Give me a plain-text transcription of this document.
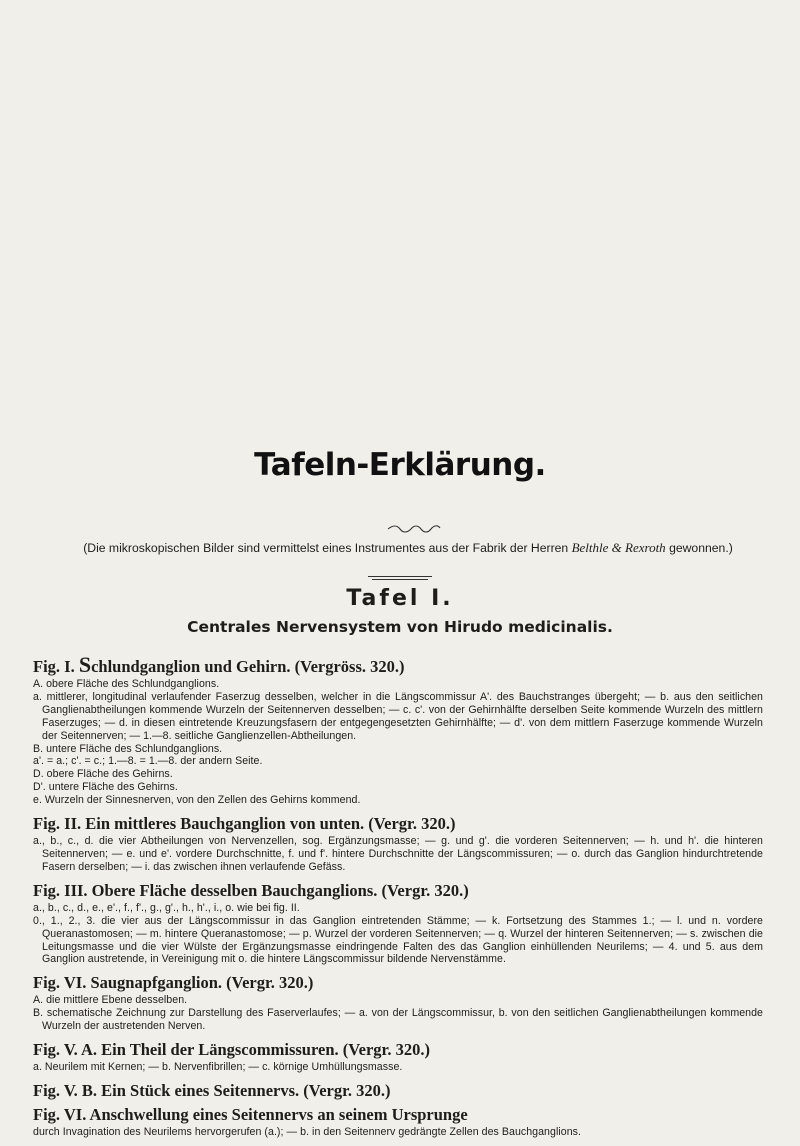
Tafeln-Erklärung.
(Die mikroskopischen Bilder sind vermittelst eines Instrumentes aus der Fabrik der Herren Belthle & Rexroth gewonnen.)
Tafel I.
Centrales Nervensystem von Hirudo medicinalis.
Fig. I. Schlundganglion und Gehirn. (Vergröss. 320.)

A. obere Fläche des Schlundganglions.

a. mittlerer, longitudinal verlaufender Faserzug desselben, welcher in die Längscommissur A'. des Bauchstranges übergeht; — b. aus den seitlichen Ganglienabtheilungen kommende Wurzeln der Seitennerven desselben; — c. c'. von der Gehirnhälfte derselben Seite kommende Wurzeln des mittlern Faserzuges; — d. in diesen eintretende Kreuzungsfasern der entgegengesetzten Gehirnhälfte; — d'. von dem mittlern Faserzuge kommende Wurzeln der Seitennerven; — 1.—8. seitliche Ganglienzellen-Abtheilungen.

B. untere Fläche des Schlundganglions.

a'. = a.; c'. = c.; 1.—8. = 1.—8. der andern Seite.

D. obere Fläche des Gehirns.

D'. untere Fläche des Gehirns.

e. Wurzeln der Sinnesnerven, von den Zellen des Gehirns kommend.

Fig. II. Ein mittleres Bauchganglion von unten. (Vergr. 320.)

a., b., c., d. die vier Abtheilungen von Nervenzellen, sog. Ergänzungsmasse; — g. und g'. die vorderen Seitennerven; — h. und h'. die hinteren Seitennerven; — e. und e'. vordere Durchschnitte, f. und f'. hintere Durchschnitte der Längscommissuren; — o. durch das Ganglion hindurchtretende Fasern derselben; — i. das zwischen ihnen verlaufende Gefäss.

Fig. III. Obere Fläche desselben Bauchganglions. (Vergr. 320.)

a., b., c., d., e., e'., f., f'., g., g'., h., h'., i., o. wie bei fig. II.

0., 1., 2., 3. die vier aus der Längscommissur in das Ganglion eintretenden Stämme; — k. Fortsetzung des Stammes 1.; — l. und n. vordere Queranastomosen; — m. hintere Queranastomose; — p. Wurzel der vorderen Seitennerven; — q. Wurzel der hinteren Seitennerven; — s. zwischen die Leitungsmasse und die vier Wülste der Ergänzungsmasse eindringende Falten des das Ganglion einhüllenden Neurilems; — 4. und 5. aus dem Ganglion austretende, in Vereinigung mit o. die hintere Längscommissur bildende Nervenstämme.

Fig. VI. Saugnapfganglion. (Vergr. 320.)

A. die mittlere Ebene desselben.

B. schematische Zeichnung zur Darstellung des Faserverlaufes; — a. von der Längscommissur, b. von den seitlichen Ganglienabtheilungen kommende Wurzeln der austretenden Nerven.

Fig. V. A. Ein Theil der Längscommissuren. (Vergr. 320.)

a. Neurilem mit Kernen; — b. Nervenfibrillen; — c. körnige Umhüllungsmasse.

Fig. V. B. Ein Stück eines Seitennervs. (Vergr. 320.)
Fig. VI. Anschwellung eines Seitennervs an seinem Ursprunge

durch Invagination des Neurilems hervorgerufen (a.); — b. in den Seitennerv gedrängte Zellen des Bauchganglions.
